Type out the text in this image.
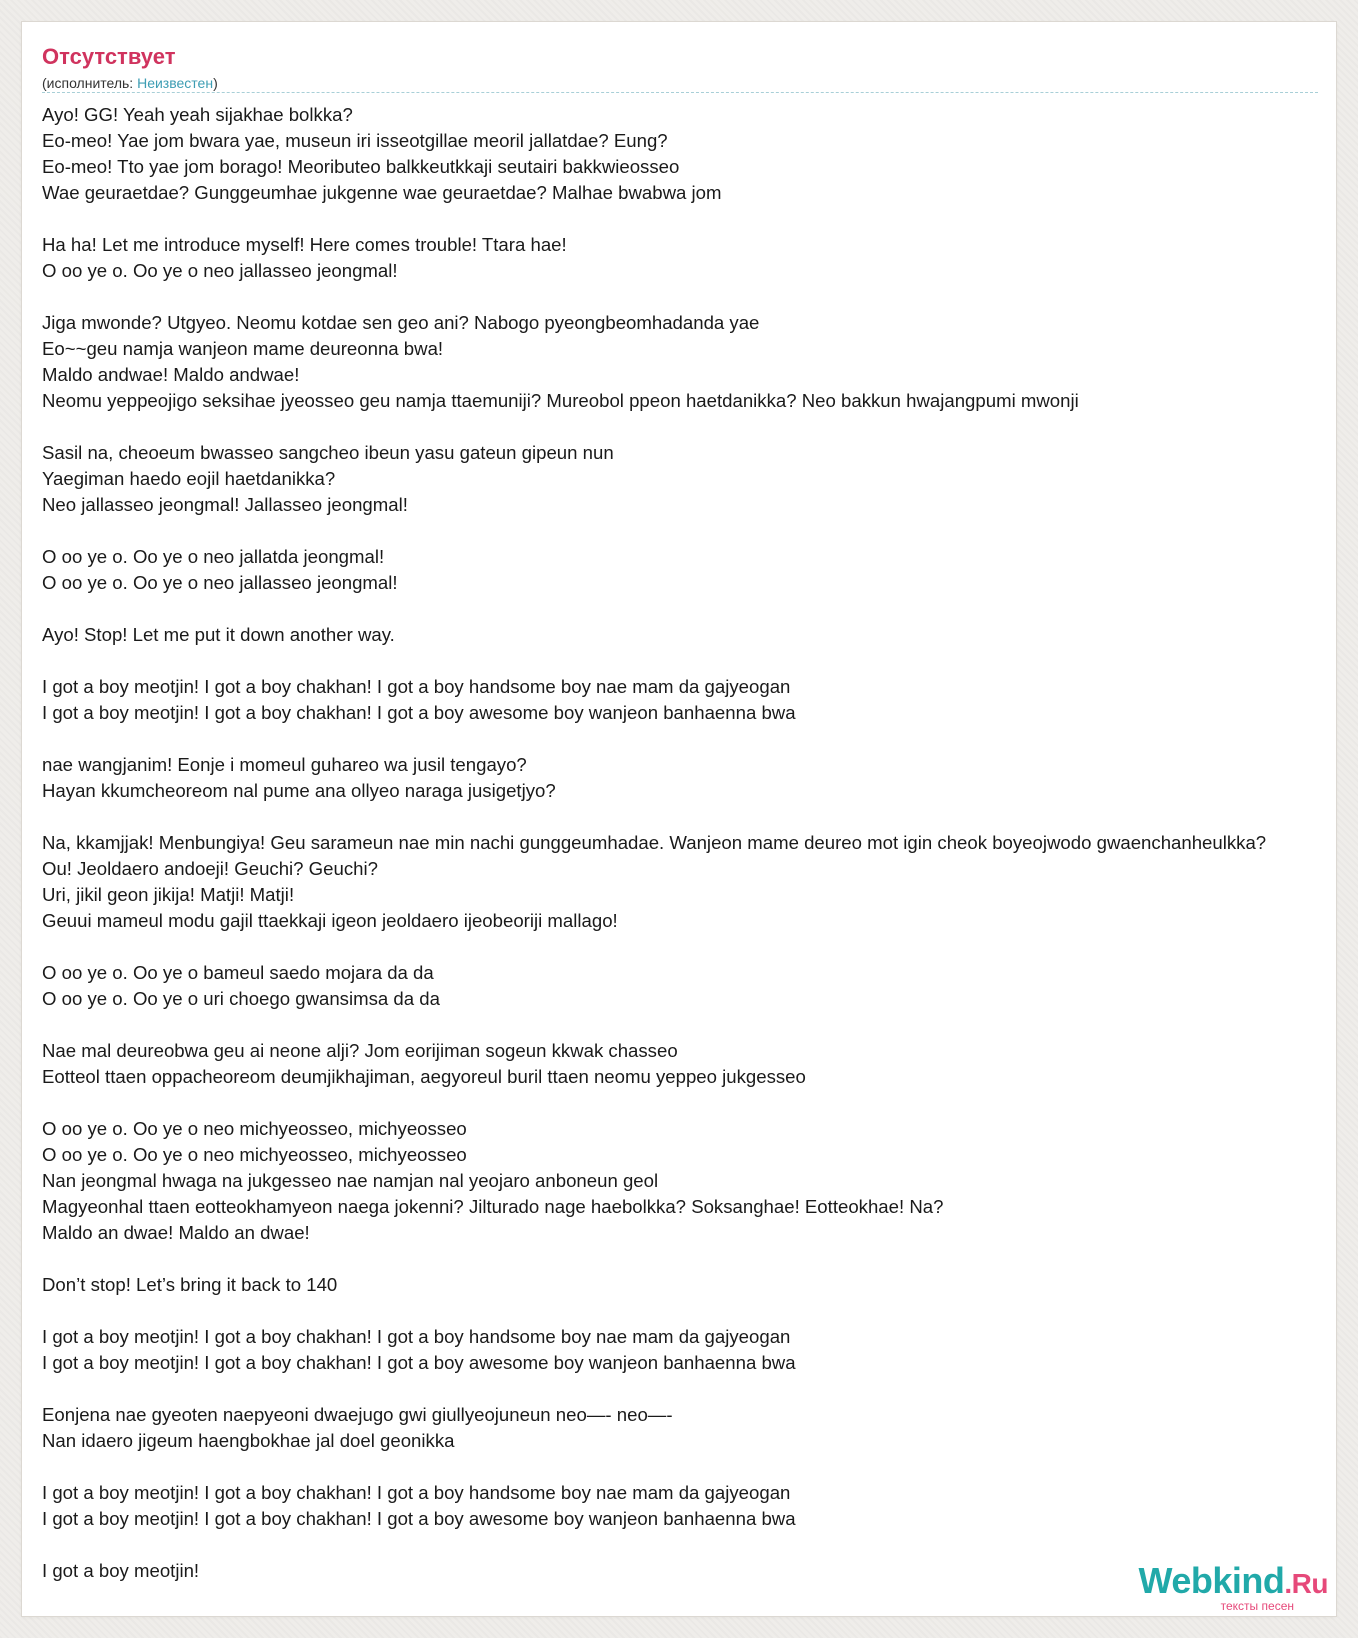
Отсутствует
(исполнитель: Неизвестен)
Ayo! GG! Yeah yeah sijakhae bolkka?
Eo-meo! Yae jom bwara yae, museun iri isseotgillae meoril jallatdae? Eung?
Eo-meo! Tto yae jom borago! Meoributeo balkkeutkkaji seutairi bakkwieosseo
Wae geuraetdae? Gunggeumhae jukgenne wae geuraetdae? Malhae bwabwa jom
Ha ha! Let me introduce myself! Here comes trouble! Ttara hae!
O oo ye o. Oo ye o neo jallasseo jeongmal!
Jiga mwonde? Utgyeo. Neomu kotdae sen geo ani? Nabogo pyeongbeomhadanda yae
Eo~~geu namja wanjeon mame deureonna bwa!
Maldo andwae! Maldo andwae!
Neomu yeppeojigo seksihae jyeosseo geu namja ttaemuniji? Mureobol ppeon haetdanikka? Neo bakkun hwajangpumi mwonji
Sasil na, cheoeum bwasseo sangcheo ibeun yasu gateun gipeun nun
Yaegiman haedo eojil haetdanikka?
Neo jallasseo jeongmal! Jallasseo jeongmal!
O oo ye o. Oo ye o neo jallatda jeongmal!
O oo ye o. Oo ye o neo jallasseo jeongmal!
Ayo! Stop! Let me put it down another way.
I got a boy meotjin! I got a boy chakhan! I got a boy handsome boy nae mam da gajyeogan
I got a boy meotjin! I got a boy chakhan! I got a boy awesome boy wanjeon banhaenna bwa
nae wangjanim! Eonje i momeul guhareo wa jusil tengayo?
Hayan kkumcheoreom nal pume ana ollyeo naraga jusigetjyo?
Na, kkamjjak! Menbungiya! Geu sarameun nae min nachi gunggeumhadae. Wanjeon mame deureo mot igin cheok boyeojwodo gwaenchanheulkka?
Ou! Jeoldaero andoeji! Geuchi? Geuchi?
Uri, jikil geon jikija! Matji! Matji!
Geuui mameul modu gajil ttaekkaji igeon jeoldaero ijeobeoriji mallago!
O oo ye o. Oo ye o bameul saedo mojara da da
O oo ye o. Oo ye o uri choego gwansimsa da da
Nae mal deureobwa geu ai neone alji? Jom eorijiman sogeun kkwak chasseo
Eotteol ttaen oppacheoreom deumjikhajiman, aegyoreul buril ttaen neomu yeppeo jukgesseo
O oo ye o. Oo ye o neo michyeosseo, michyeosseo
O oo ye o. Oo ye o neo michyeosseo, michyeosseo
Nan jeongmal hwaga na jukgesseo nae namjan nal yeojaro anboneun geol
Magyeonhal ttaen eotteokhamyeon naega jokenni? Jilturado nage haebolkka? Soksanghae! Eotteokhae! Na?
Maldo an dwae! Maldo an dwae!
Don’t stop! Let’s bring it back to 140
I got a boy meotjin! I got a boy chakhan! I got a boy handsome boy nae mam da gajyeogan
I got a boy meotjin! I got a boy chakhan! I got a boy awesome boy wanjeon banhaenna bwa
Eonjena nae gyeoten naepyeoni dwaejugo gwi giullyeojuneun neo—- neo—-
Nan idaero jigeum haengbokhae jal doel geonikka
I got a boy meotjin! I got a boy chakhan! I got a boy handsome boy nae mam da gajyeogan
I got a boy meotjin! I got a boy chakhan! I got a boy awesome boy wanjeon banhaenna bwa
I got a boy meotjin!	Webkind.Ru
тексты песен
